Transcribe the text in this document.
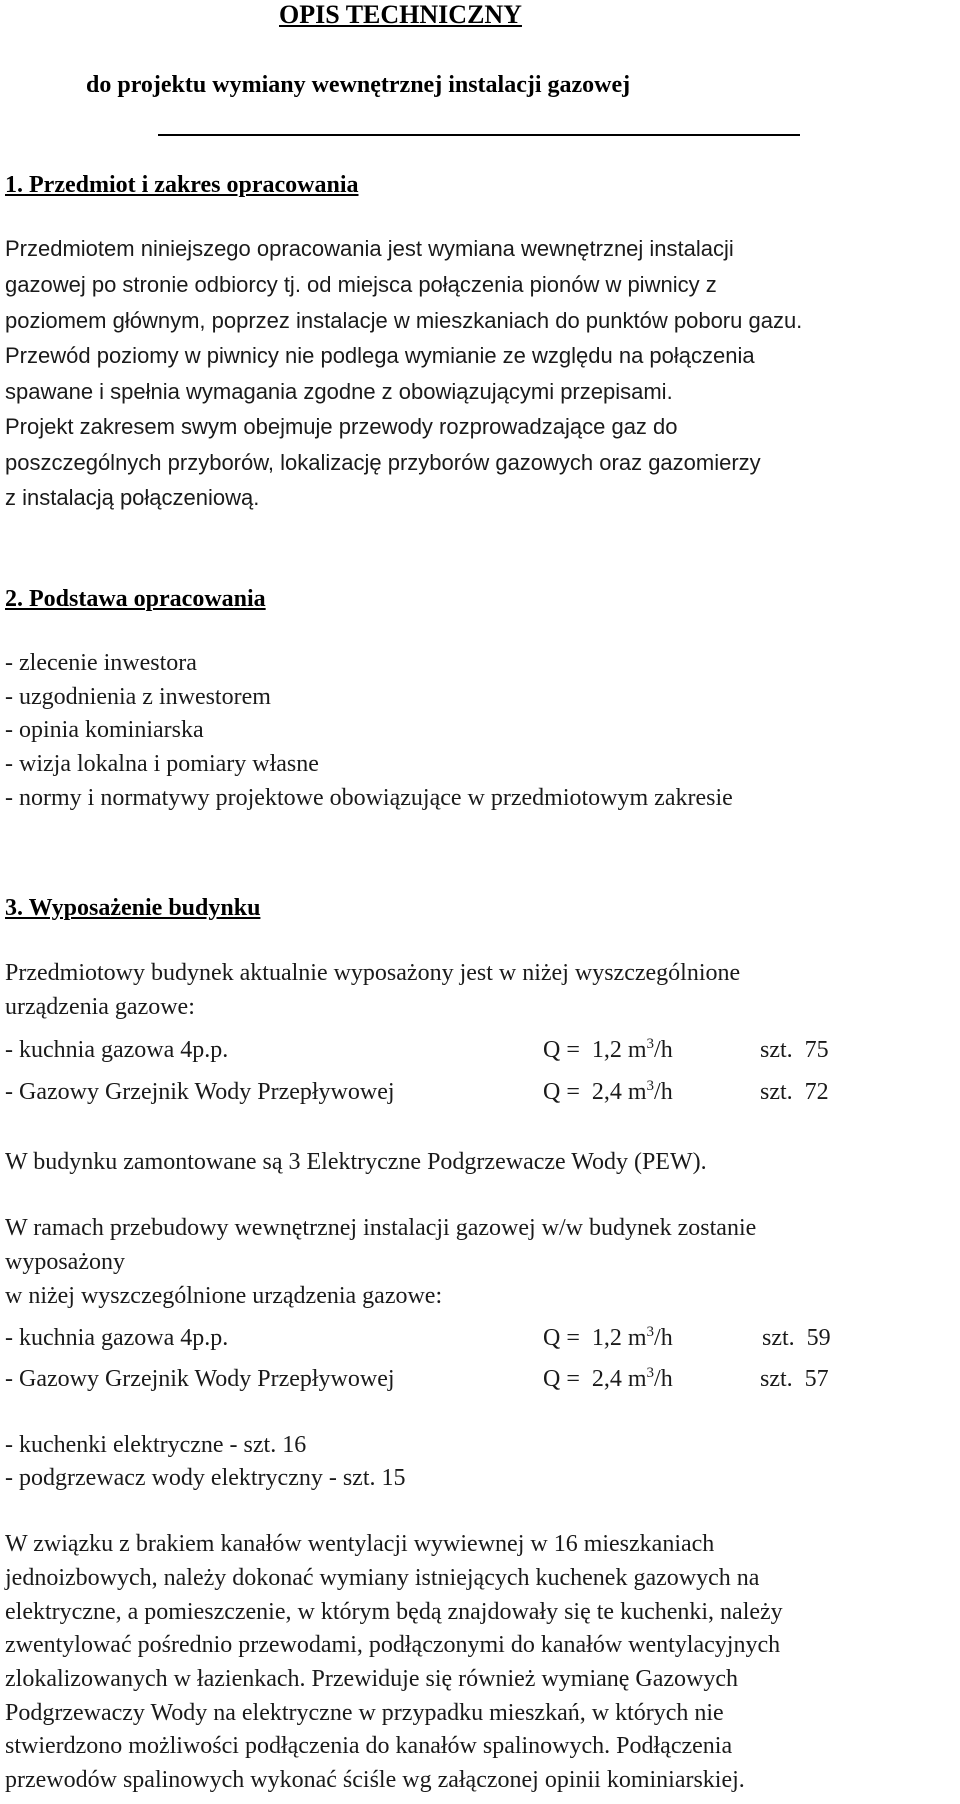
OPIS TECHNICZNY
do projektu wymiany wewnętrznej instalacji gazowej
1. Przedmiot i zakres opracowania
Przedmiotem niniejszego opracowania jest wymiana wewnętrznej instalacji
gazowej po stronie odbiorcy tj. od miejsca połączenia pionów w piwnicy z
poziomem głównym, poprzez instalacje w mieszkaniach do punktów poboru gazu.
Przewód poziomy w piwnicy nie podlega wymianie ze względu na połączenia
spawane i spełnia wymagania zgodne z obowiązującymi przepisami.
Projekt zakresem swym obejmuje przewody rozprowadzające gaz do
poszczególnych przyborów, lokalizację przyborów gazowych oraz gazomierzy
z instalacją połączeniową.
2. Podstawa opracowania
- zlecenie inwestora
- uzgodnienia z inwestorem
- opinia kominiarska
- wizja lokalna i pomiary własne
- normy i normatywy projektowe obowiązujące w przedmiotowym zakresie
3. Wyposażenie budynku
Przedmiotowy budynek aktualnie wyposażony jest w niżej wyszczególnione
urządzenia gazowe:
- kuchnia gazowa 4p.p.	Q = 1,2 $m^3/h$	szt. 75
- Gazowy Grzejnik Wody Przepływowej	Q = 2,4 $m^3/h$	szt. 72
W budynku zamontowane są 3 Elektryczne Podgrzewacze Wody (PEW).
W ramach przebudowy wewnętrznej instalacji gazowej w/w budynek zostanie
wyposażony
w niżej wyszczególnione urządzenia gazowe:
- kuchnia gazowa 4p.p.	Q = 1,2 $m^3/h$	szt. 59
- Gazowy Grzejnik Wody Przepływowej	Q = 2,4 $m^3/h$	szt. 57
- kuchenki elektryczne - szt. 16
- podgrzewacz wody elektryczny - szt. 15
W związku z brakiem kanałów wentylacji wywiewnej w 16 mieszkaniach
jednoizbowych, należy dokonać wymiany istniejących kuchenek gazowych na
elektryczne, a pomieszczenie, w którym będą znajdowały się te kuchenki, należy
zwentylować pośrednio przewodami, podłączonymi do kanałów wentylacyjnych
zlokalizowanych w łazienkach. Przewiduje się również wymianę Gazowych
Podgrzewaczy Wody na elektryczne w przypadku mieszkań, w których nie
stwierdzono możliwości podłączenia do kanałów spalinowych. Podłączenia
przewodów spalinowych wykonać ściśle wg załączonej opinii kominiarskiej.
